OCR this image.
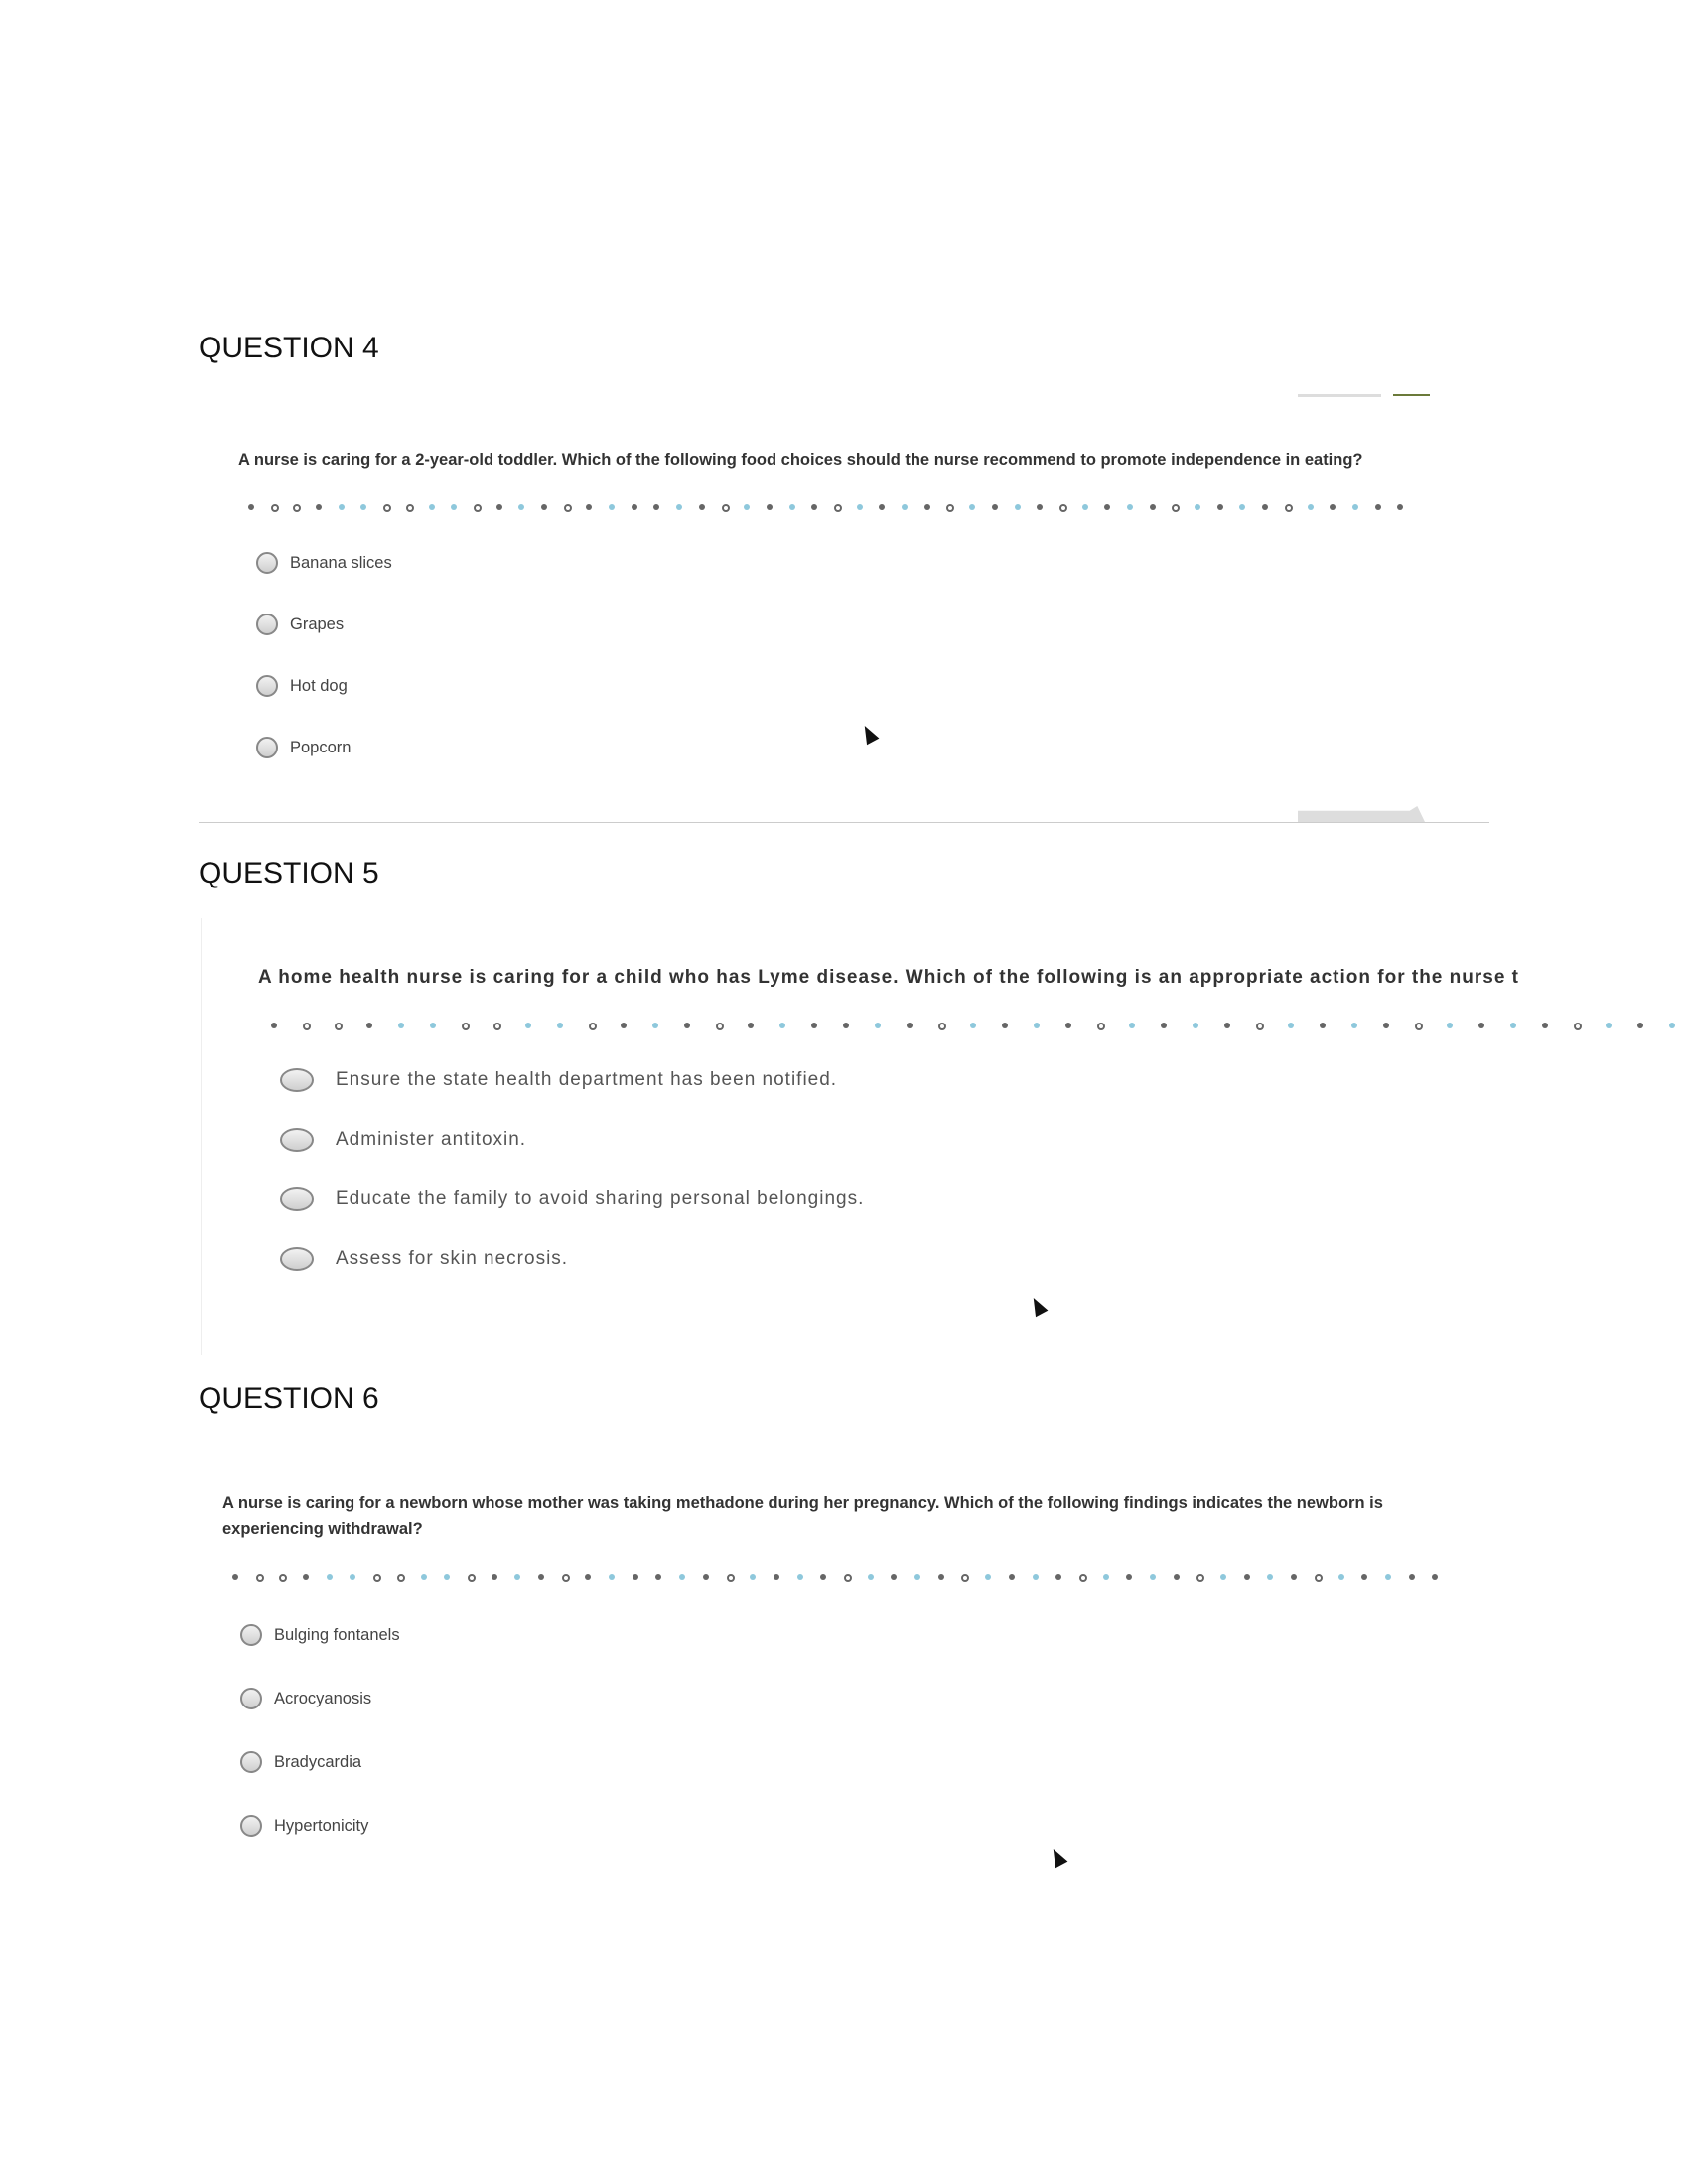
QUESTION 4
A nurse is caring for a 2-year-old toddler. Which of the following food choices should the nurse recommend to promote independence in eating?
Banana slices
Grapes
Hot dog
Popcorn
QUESTION 5
A home health nurse is caring for a child who has Lyme disease. Which of the following is an appropriate action for the nurse t
Ensure the state health department has been notified.
Administer antitoxin.
Educate the family to avoid sharing personal belongings.
Assess for skin necrosis.
QUESTION 6
A nurse is caring for a newborn whose mother was taking methadone during her pregnancy. Which of the following findings indicates the newborn is experiencing withdrawal?
Bulging fontanels
Acrocyanosis
Bradycardia
Hypertonicity
